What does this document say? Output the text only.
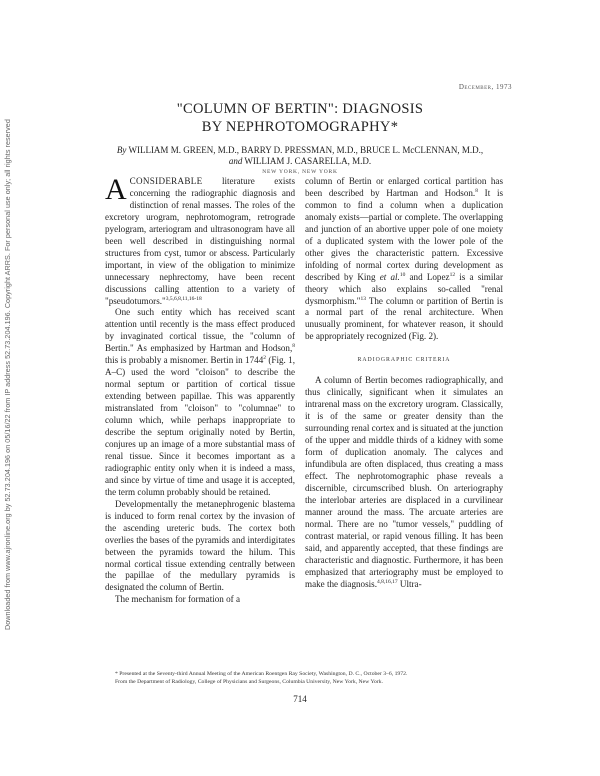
Downloaded from www.ajronline.org by 52.73.204.196 on 05/16/22 from IP address 52.73.204.196. Copyright ARRS. For personal use only; all rights reserved
December, 1973
"COLUMN OF BERTIN": DIAGNOSIS
BY NEPHROTOMOGRAPHY*
By WILLIAM M. GREEN, M.D., BARRY D. PRESSMAN, M.D., BRUCE L. McCLENNAN, M.D.,
and WILLIAM J. CASARELLA, M.D.
NEW YORK, NEW YORK

ACONSIDERABLE literature exists concerning the radiographic diagnosis and distinction of renal masses. The roles of the excretory urogram, nephrotomogram, retrograde pyelogram, arteriogram and ultrasonogram have all been well described in distinguishing normal structures from cyst, tumor or abscess. Particularly important, in view of the obligation to minimize unnecessary nephrectomy, have been recent discussions calling attention to a variety of "pseudotumors."$^{3,5,6,8,11,16-18}$

One such entity which has received scant attention until recently is the mass effect produced by invaginated cortical tissue, the "column of Bertin." As emphasized by Hartman and Hodson,$^8$ this is probably a misnomer. Bertin in 1744$^2$ (Fig. 1, A–C) used the word "cloison" to describe the normal septum or partition of cortical tissue extending between papillae. This was apparently mistranslated from "cloison" to "columnae" to column which, while perhaps inappropriate to describe the septum originally noted by Bertin, conjures up an image of a more substantial mass of renal tissue. Since it becomes important as a radiographic entity only when it is indeed a mass, and since by virtue of time and usage it is accepted, the term column probably should be retained.

Developmentally the metanephrogenic blastema is induced to form renal cortex by the invasion of the ascending ureteric buds. The cortex both overlies the bases of the pyramids and interdigitates between the pyramids toward the hilum. This normal cortical tissue extending centrally between the papillae of the medullary pyramids is designated the column of Bertin.

The mechanism for formation of a

column of Bertin or enlarged cortical partition has been described by Hartman and Hodson.$^8$ It is common to find a column when a duplication anomaly exists—partial or complete. The overlapping and junction of an abortive upper pole of one moiety of a duplicated system with the lower pole of the other gives the characteristic pattern. Excessive infolding of normal cortex during development as described by King et al.$^{10}$ and Lopez$^{12}$ is a similar theory which also explains so-called "renal dysmorphism."$^{13}$ The column or partition of Bertin is a normal part of the renal architecture. When unusually prominent, for whatever reason, it should be appropriately recognized (Fig. 2).

RADIOGRAPHIC CRITERIA

A column of Bertin becomes radiographically, and thus clinically, significant when it simulates an intrarenal mass on the excretory urogram. Classically, it is of the same or greater density than the surrounding renal cortex and is situated at the junction of the upper and middle thirds of a kidney with some form of duplication anomaly. The calyces and infundibula are often displaced, thus creating a mass effect. The nephrotomographic phase reveals a discernible, circumscribed blush. On arteriography the interlobar arteries are displaced in a curvilinear manner around the mass. The arcuate arteries are normal. There are no "tumor vessels," puddling of contrast material, or rapid venous filling. It has been said, and apparently accepted, that these findings are characteristic and diagnostic. Furthermore, it has been emphasized that arteriography must be employed to make the diagnosis.$^{4,8,16,17}$ Ultra-

* Presented at the Seventy-third Annual Meeting of the American Roentgen Ray Society, Washington, D. C., October 3–6, 1972.
From the Department of Radiology, College of Physicians and Surgeons, Columbia University, New York, New York.
714
